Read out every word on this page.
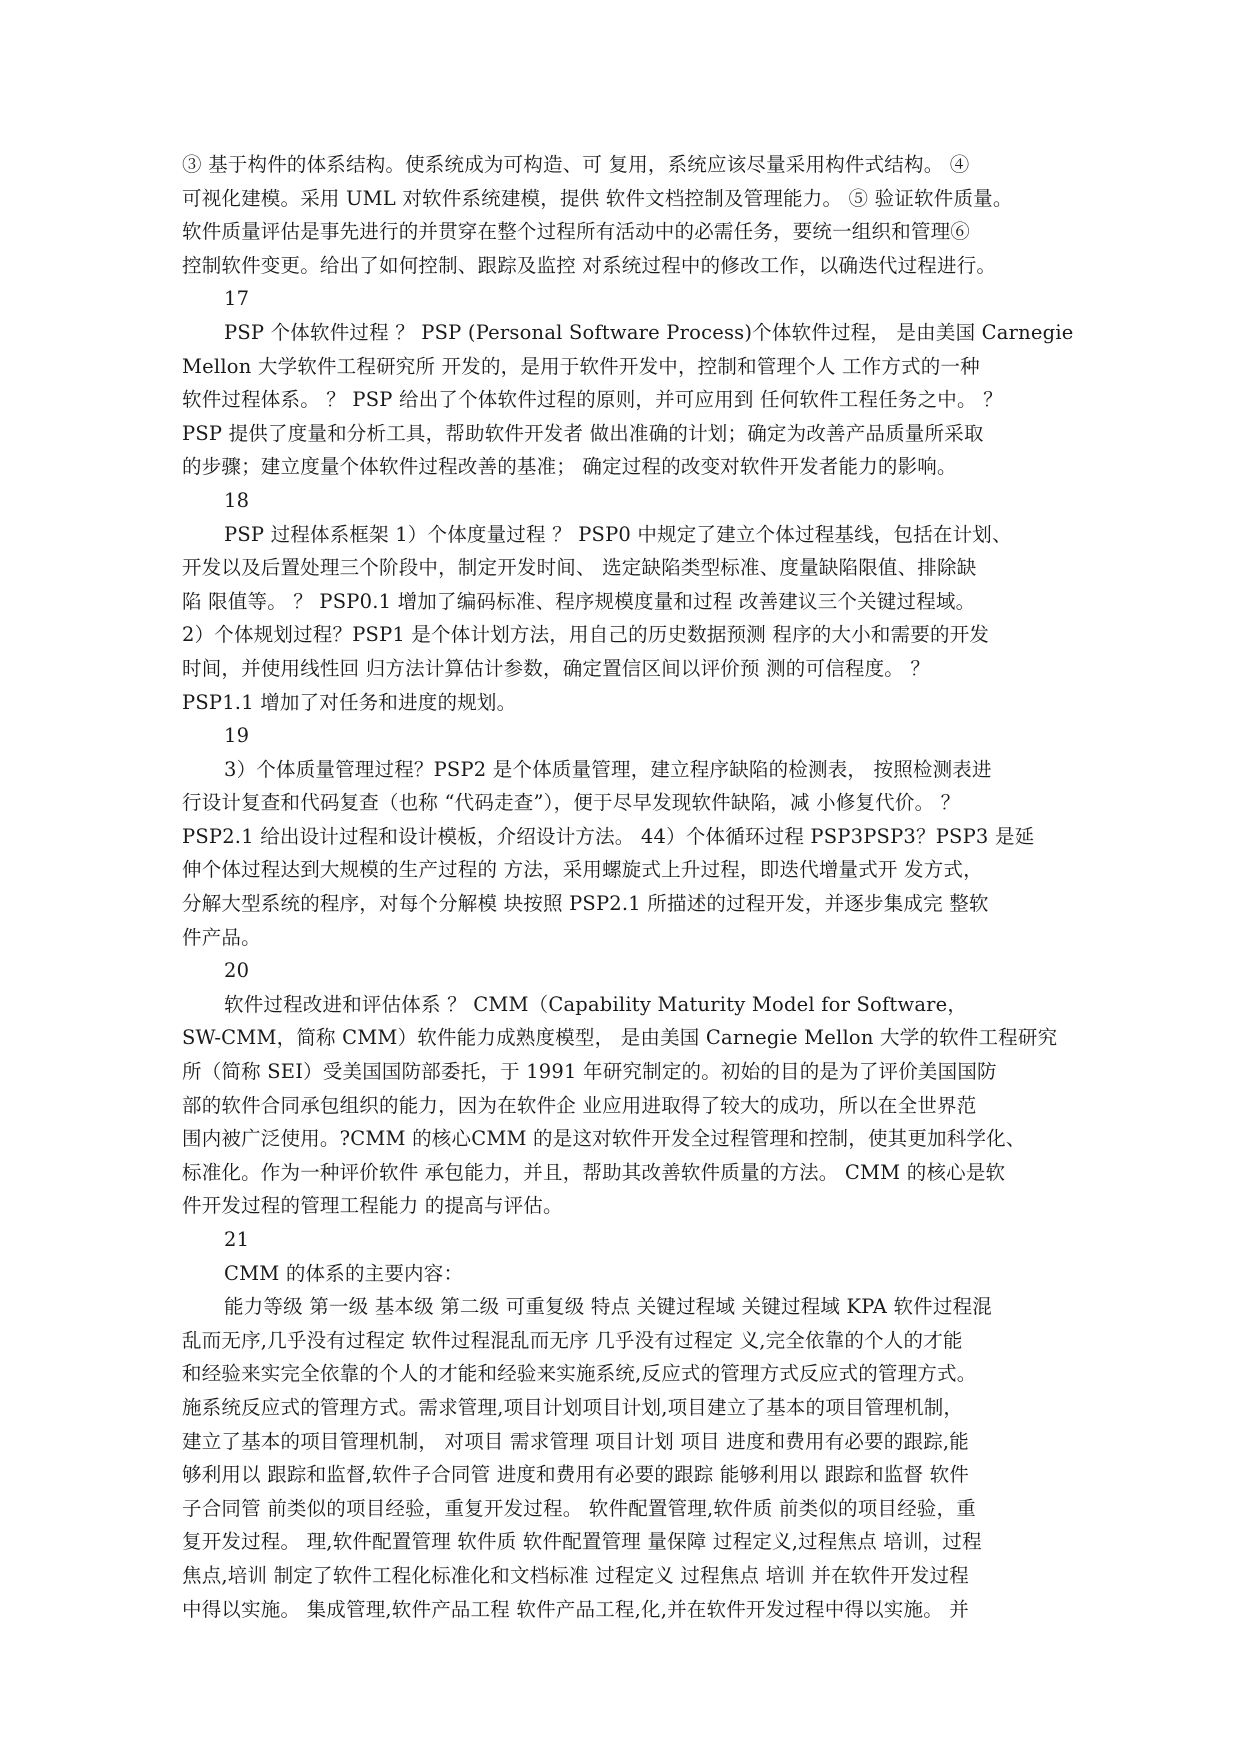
③ 基于构件的体系结构。使系统成为可构造、可 复用，系统应该尽量采用构件式结构。 ④
可视化建模。采用 UML 对软件系统建模，提供 软件文档控制及管理能力。 ⑤ 验证软件质量。
软件质量评估是事先进行的并贯穿在整个过程所有活动中的必需任务，要统一组织和管理⑥
控制软件变更。给出了如何控制、跟踪及监控 对系统过程中的修改工作，以确迭代过程进行。
17
PSP 个体软件过程 ？ PSP (Personal Software Process)个体软件过程， 是由美国 Carnegie
Mellon 大学软件工程研究所 开发的，是用于软件开发中，控制和管理个人 工作方式的一种
软件过程体系。 ？ PSP 给出了个体软件过程的原则，并可应用到 任何软件工程任务之中。 ？
PSP 提供了度量和分析工具，帮助软件开发者 做出准确的计划；确定为改善产品质量所采取
的步骤；建立度量个体软件过程改善的基准； 确定过程的改变对软件开发者能力的影响。
18
PSP 过程体系框架 1）个体度量过程 ？ PSP0 中规定了建立个体过程基线，包括在计划、
开发以及后置处理三个阶段中，制定开发时间、 选定缺陷类型标准、度量缺陷限值、排除缺
陷 限值等。 ？ PSP0.1 增加了编码标准、程序规模度量和过程 改善建议三个关键过程域。
2）个体规划过程？PSP1 是个体计划方法，用自己的历史数据预测 程序的大小和需要的开发
时间，并使用线性回 归方法计算估计参数，确定置信区间以评价预 测的可信程度。 ？
PSP1.1 增加了对任务和进度的规划。
19
3）个体质量管理过程？PSP2 是个体质量管理，建立程序缺陷的检测表， 按照检测表进
行设计复查和代码复查（也称 “代码走查”），便于尽早发现软件缺陷，减 小修复代价。 ？
PSP2.1 给出设计过程和设计模板，介绍设计方法。 44）个体循环过程 PSP3PSP3？PSP3 是延
伸个体过程达到大规模的生产过程的 方法，采用螺旋式上升过程，即迭代增量式开 发方式，
分解大型系统的程序，对每个分解模 块按照 PSP2.1 所描述的过程开发，并逐步集成完 整软
件产品。
20
软件过程改进和评估体系 ？ CMM（Capability Maturity Model for Software，
SW-CMM，简称 CMM）软件能力成熟度模型， 是由美国 Carnegie Mellon 大学的软件工程研究
所（简称 SEI）受美国国防部委托，于 1991 年研究制定的。初始的目的是为了评价美国国防
部的软件合同承包组织的能力，因为在软件企 业应用进取得了较大的成功，所以在全世界范
围内被广泛使用。?CMM 的核心CMM 的是这对软件开发全过程管理和控制，使其更加科学化、
标准化。作为一种评价软件 承包能力，并且，帮助其改善软件质量的方法。 CMM 的核心是软
件开发过程的管理工程能力 的提高与评估。
21
CMM 的体系的主要内容：
能力等级 第一级 基本级 第二级 可重复级 特点 关键过程域 关键过程域 KPA 软件过程混
乱而无序,几乎没有过程定 软件过程混乱而无序 几乎没有过程定 义,完全依靠的个人的才能
和经验来实完全依靠的个人的才能和经验来实施系统,反应式的管理方式反应式的管理方式。
施系统反应式的管理方式。需求管理,项目计划项目计划,项目建立了基本的项目管理机制，
建立了基本的项目管理机制， 对项目 需求管理 项目计划 项目 进度和费用有必要的跟踪,能
够利用以 跟踪和监督,软件子合同管 进度和费用有必要的跟踪 能够利用以 跟踪和监督 软件
子合同管 前类似的项目经验，重复开发过程。 软件配置管理,软件质 前类似的项目经验，重
复开发过程。 理,软件配置管理 软件质 软件配置管理 量保障 过程定义,过程焦点 培训，过程
焦点,培训 制定了软件工程化标准化和文档标准 过程定义 过程焦点 培训 并在软件开发过程
中得以实施。 集成管理,软件产品工程 软件产品工程,化,并在软件开发过程中得以实施。 并
